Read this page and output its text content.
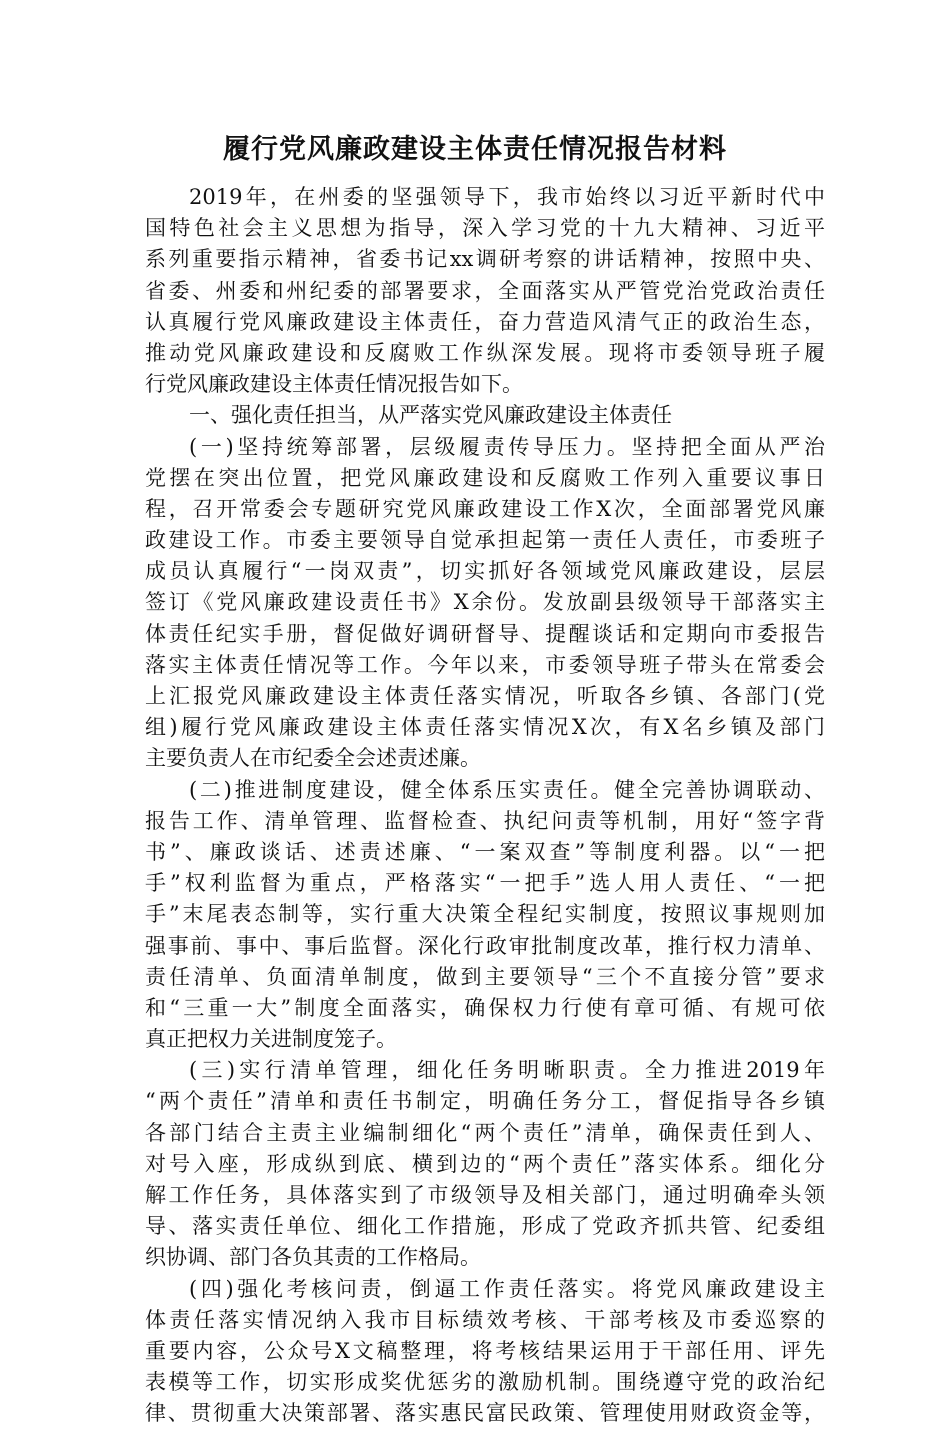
履行党风廉政建设主体责任情况报告材料

2019年，在州委的坚强领导下，我市始终以习近平新时代中
国特色社会主义思想为指导，深入学习党的十九大精神、习近平
系列重要指示精神，省委书记xx调研考察的讲话精神，按照中央、
省委、州委和州纪委的部署要求，全面落实从严管党治党政治责任
认真履行党风廉政建设主体责任，奋力营造风清气正的政治生态，
推动党风廉政建设和反腐败工作纵深发展。现将市委领导班子履
行党风廉政建设主体责任情况报告如下。

一、强化责任担当，从严落实党风廉政建设主体责任

(一)坚持统筹部署，层级履责传导压力。坚持把全面从严治
党摆在突出位置，把党风廉政建设和反腐败工作列入重要议事日
程，召开常委会专题研究党风廉政建设工作X次，全面部署党风廉
政建设工作。市委主要领导自觉承担起第一责任人责任，市委班子
成员认真履行“一岗双责”，切实抓好各领域党风廉政建设，层层
签订《党风廉政建设责任书》X余份。发放副县级领导干部落实主
体责任纪实手册，督促做好调研督导、提醒谈话和定期向市委报告
落实主体责任情况等工作。今年以来，市委领导班子带头在常委会
上汇报党风廉政建设主体责任落实情况，听取各乡镇、各部门(党
组)履行党风廉政建设主体责任落实情况X次，有X名乡镇及部门
主要负责人在市纪委全会述责述廉。

(二)推进制度建设，健全体系压实责任。健全完善协调联动、
报告工作、清单管理、监督检查、执纪问责等机制，用好“签字背
书”、廉政谈话、述责述廉、“一案双查”等制度利器。以“一把
手”权利监督为重点，严格落实“一把手”选人用人责任、“一把
手”末尾表态制等，实行重大决策全程纪实制度，按照议事规则加
强事前、事中、事后监督。深化行政审批制度改革，推行权力清单、
责任清单、负面清单制度，做到主要领导“三个不直接分管”要求
和“三重一大”制度全面落实，确保权力行使有章可循、有规可依
真正把权力关进制度笼子。

(三)实行清单管理，细化任务明晰职责。全力推进2019年
“两个责任”清单和责任书制定，明确任务分工，督促指导各乡镇
各部门结合主责主业编制细化“两个责任”清单，确保责任到人、
对号入座，形成纵到底、横到边的“两个责任”落实体系。细化分
解工作任务，具体落实到了市级领导及相关部门，通过明确牵头领
导、落实责任单位、细化工作措施，形成了党政齐抓共管、纪委组
织协调、部门各负其责的工作格局。

(四)强化考核问责，倒逼工作责任落实。将党风廉政建设主
体责任落实情况纳入我市目标绩效考核、干部考核及市委巡察的
重要内容，公众号X文稿整理，将考核结果运用于干部任用、评先
表模等工作，切实形成奖优惩劣的激励机制。围绕遵守党的政治纪
律、贯彻重大决策部署、落实惠民富民政策、管理使用财政资金等，
